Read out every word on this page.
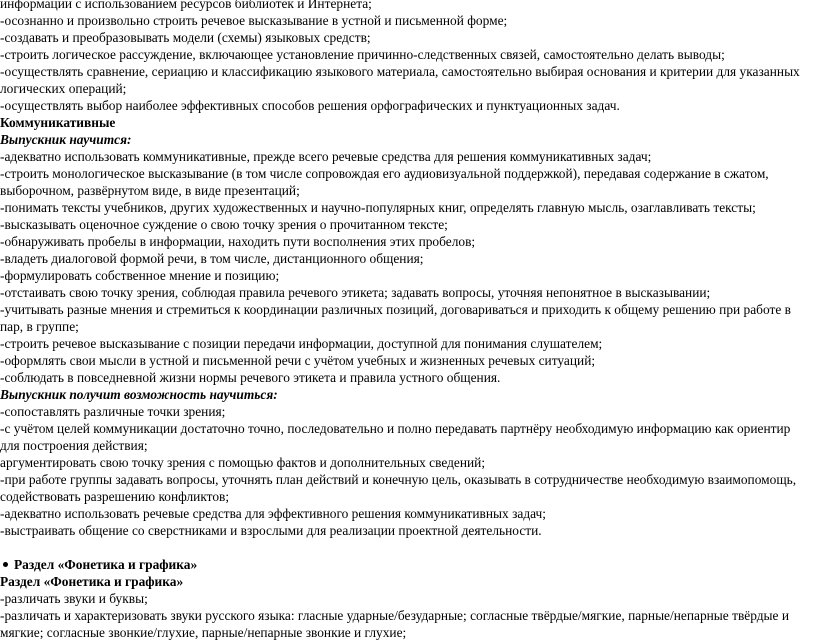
информации с использованием ресурсов библиотек и Интернета;
-осознанно и произвольно строить речевое высказывание в устной и письменной форме;
-создавать и преобразовывать модели (схемы) языковых средств;
-строить логическое рассуждение, включающее установление причинно-следственных связей, самостоятельно делать выводы;
-осуществлять сравнение, сериацию и классификацию языкового материала, самостоятельно выбирая основания и критерии для указанных логических операций;
-осуществлять выбор наиболее эффективных способов решения орфографических и пунктуационных задач.
Коммуникативные
Выпускник научится:
-адекватно использовать коммуникативные, прежде всего речевые средства для решения коммуникативных задач;
-строить монологическое высказывание (в том числе сопровождая его аудиовизуальной поддержкой), передавая содержание в сжатом, выборочном, развёрнутом виде, в виде презентаций;
-понимать тексты учебников, других художественных и научно-популярных книг, определять главную мысль, озаглавливать тексты;
-высказывать оценочное суждение о свою точку зрения о прочитанном тексте;
-обнаруживать пробелы в информации, находить пути восполнения этих пробелов;
-владеть диалоговой формой речи, в том числе, дистанционного общения;
-формулировать собственное мнение и позицию;
-отстаивать свою точку зрения, соблюдая правила речевого этикета; задавать вопросы, уточняя непонятное в высказывании;
-учитывать разные мнения и стремиться к координации различных позиций, договариваться и приходить к общему решению при работе в пар, в группе;
-строить речевое высказывание с позиции передачи информации, доступной для понимания слушателем;
-оформлять свои мысли в устной и письменной речи с учётом учебных и жизненных речевых ситуаций;
-соблюдать в повседневной жизни нормы речевого этикета и правила устного общения.
Выпускник получит возможность научиться:
-сопоставлять различные точки зрения;
-с учётом целей коммуникации достаточно точно, последовательно и полно передавать партнёру необходимую информацию как ориентир для построения действия;
аргументировать свою точку зрения с помощью фактов и дополнительных сведений;
-при работе группы задавать вопросы, уточнять план действий и конечную цель, оказывать в сотрудничестве необходимую взаимопомощь, содействовать разрешению конфликтов;
-адекватно использовать речевые средства для эффективного решения коммуникативных задач;
-выстраивать общение со сверстниками и взрослыми для реализации проектной деятельности.
Раздел «Фонетика и графика»
Раздел «Фонетика и графика»
-различать звуки и буквы;
-различать и характеризовать звуки русского языка: гласные ударные/безударные; согласные твёрдые/мягкие, парные/непарные твёрдые и мягкие; согласные звонкие/глухие, парные/непарные звонкие и глухие;
